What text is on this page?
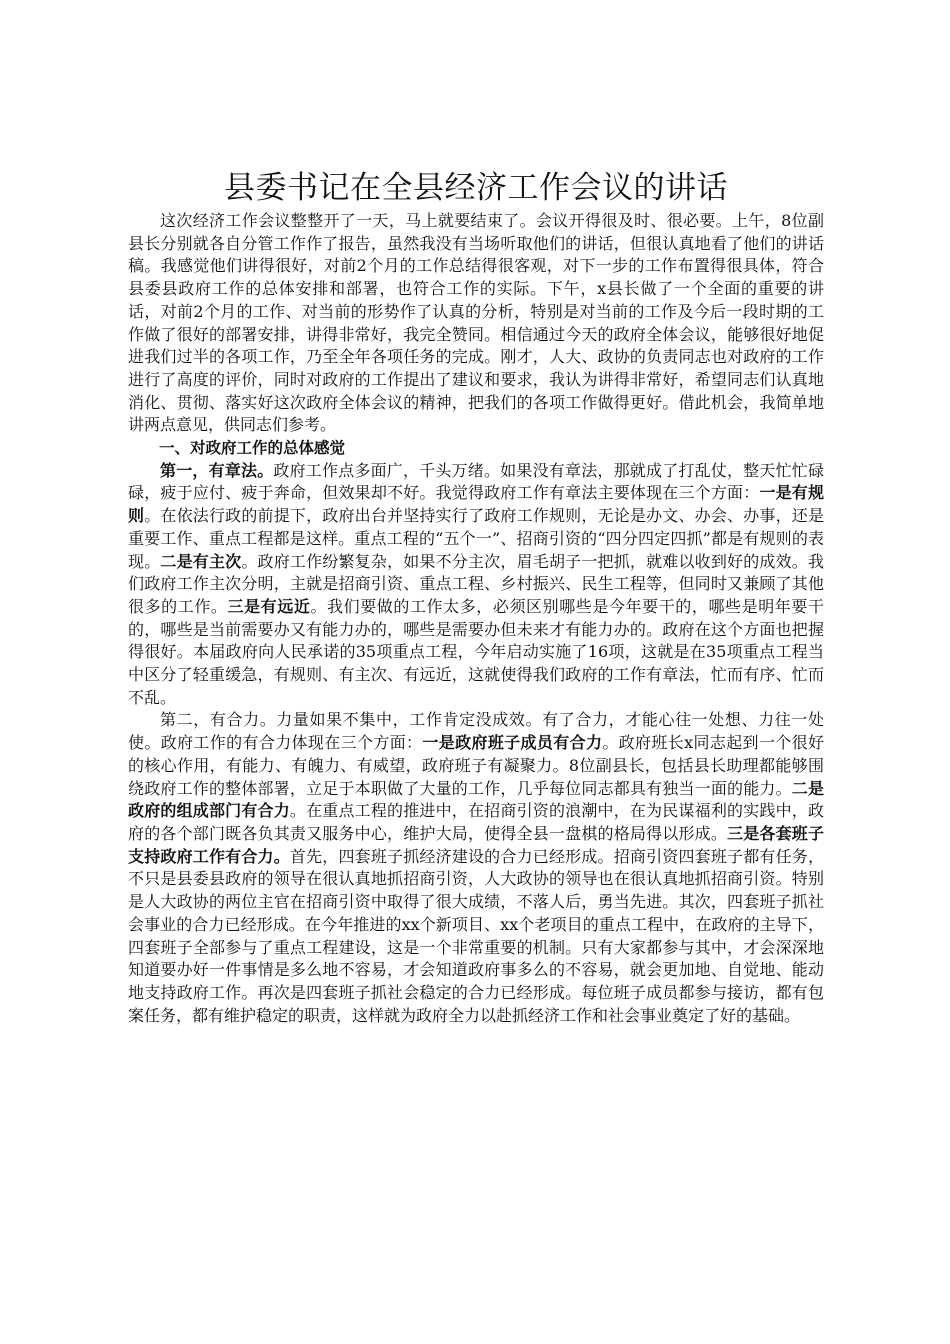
县委书记在全县经济工作会议的讲话

这次经济工作会议整整开了一天，马上就要结束了。会议开得很及时、很必要。上午，8位副县长分别就各自分管工作作了报告，虽然我没有当场听取他们的讲话，但很认真地看了他们的讲话稿。我感觉他们讲得很好，对前2个月的工作总结得很客观，对下一步的工作布置得很具体，符合县委县政府工作的总体安排和部署，也符合工作的实际。下午，x县长做了一个全面的重要的讲话，对前2个月的工作、对当前的形势作了认真的分析，特别是对当前的工作及今后一段时期的工作做了很好的部署安排，讲得非常好，我完全赞同。相信通过今天的政府全体会议，能够很好地促进我们过半的各项工作，乃至全年各项任务的完成。刚才，人大、政协的负责同志也对政府的工作进行了高度的评价，同时对政府的工作提出了建议和要求，我认为讲得非常好，希望同志们认真地消化、贯彻、落实好这次政府全体会议的精神，把我们的各项工作做得更好。借此机会，我简单地讲两点意见，供同志们参考。

一、对政府工作的总体感觉

第一，有章法。政府工作点多面广，千头万绪。如果没有章法，那就成了打乱仗，整天忙忙碌碌，疲于应付、疲于奔命，但效果却不好。我觉得政府工作有章法主要体现在三个方面：一是有规则。在依法行政的前提下，政府出台并坚持实行了政府工作规则，无论是办文、办会、办事，还是重要工作、重点工程都是这样。重点工程的“五个一”、招商引资的“四分四定四抓”都是有规则的表现。二是有主次。政府工作纷繁复杂，如果不分主次，眉毛胡子一把抓，就难以收到好的成效。我们政府工作主次分明，主就是招商引资、重点工程、乡村振兴、民生工程等，但同时又兼顾了其他很多的工作。三是有远近。我们要做的工作太多，必须区别哪些是今年要干的，哪些是明年要干的，哪些是当前需要办又有能力办的，哪些是需要办但未来才有能力办的。政府在这个方面也把握得很好。本届政府向人民承诺的35项重点工程，今年启动实施了16项，这就是在35项重点工程当中区分了轻重缓急，有规则、有主次、有远近，这就使得我们政府的工作有章法，忙而有序、忙而不乱。

第二，有合力。力量如果不集中，工作肯定没成效。有了合力，才能心往一处想、力往一处使。政府工作的有合力体现在三个方面：一是政府班子成员有合力。政府班长x同志起到一个很好的核心作用，有能力、有魄力、有威望，政府班子有凝聚力。8位副县长，包括县长助理都能够围绕政府工作的整体部署，立足于本职做了大量的工作，几乎每位同志都具有独当一面的能力。二是政府的组成部门有合力。在重点工程的推进中，在招商引资的浪潮中，在为民谋福利的实践中，政府的各个部门既各负其责又服务中心，维护大局，使得全县一盘棋的格局得以形成。三是各套班子支持政府工作有合力。首先，四套班子抓经济建设的合力已经形成。招商引资四套班子都有任务，不只是县委县政府的领导在很认真地抓招商引资，人大政协的领导也在很认真地抓招商引资。特别是人大政协的两位主官在招商引资中取得了很大成绩，不落人后，勇当先进。其次，四套班子抓社会事业的合力已经形成。在今年推进的xx个新项目、xx个老项目的重点工程中，在政府的主导下，四套班子全部参与了重点工程建设，这是一个非常重要的机制。只有大家都参与其中，才会深深地知道要办好一件事情是多么地不容易，才会知道政府事多么的不容易，就会更加地、自觉地、能动地支持政府工作。再次是四套班子抓社会稳定的合力已经形成。每位班子成员都参与接访，都有包案任务，都有维护稳定的职责，这样就为政府全力以赴抓经济工作和社会事业奠定了好的基础。
